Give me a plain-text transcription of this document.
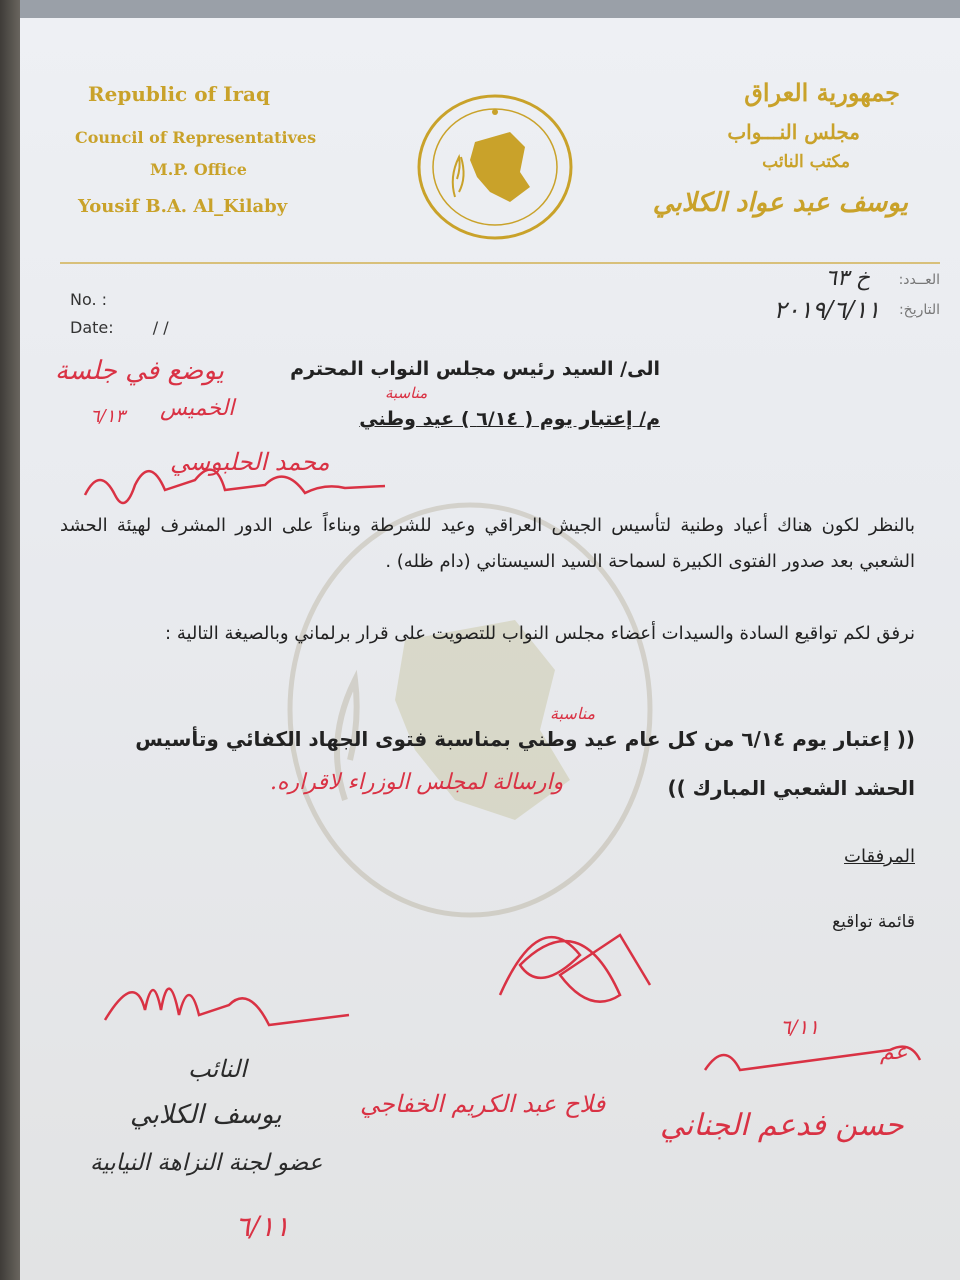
Republic of Iraq
Council of Representatives
M.P. Office
Yousif B.A. Al_Kilaby
جمهورية العراق
مجلس النـــواب
مكتب النائب
يوسف عبد عواد الكلابي
No. :
Date: / /
العــدد:
خ ٦٣
التاريخ:
٢٠١٩/٦/١١
يوضع في جلسة
الخميس
٦/١٣
محمد الحلبوسي
الى/ السيد رئيس مجلس النواب المحترم
مناسبة
م/ إعتبار يوم ( ٦/١٤ ) عيد وطني
بالنظر لكون هناك أعياد وطنية لتأسيس الجيش العراقي وعيد للشرطة وبناءاً على الدور المشرف لهيئة الحشد الشعبي بعد صدور الفتوى الكبيرة لسماحة السيد السيستاني (دام ظله) .
نرفق لكم تواقيع السادة والسيدات أعضاء مجلس النواب للتصويت على قرار برلماني وبالصيغة التالية :
مناسبة
(( إعتبار يوم ٦/١٤ من كل عام عيد وطني بمناسبة فتوى الجهاد الكفائي وتأسيس
الحشد الشعبي المبارك ))
وارسالة لمجلس الوزراء لاقراره.
المرفقات
قائمة تواقيع
النائب
يوسف الكلابي
عضو لجنة النزاهة النيابية
٦/١١
فلاح عبد الكريم الخفاجي
٦/١١
عم
حسن فدعم الجناني
